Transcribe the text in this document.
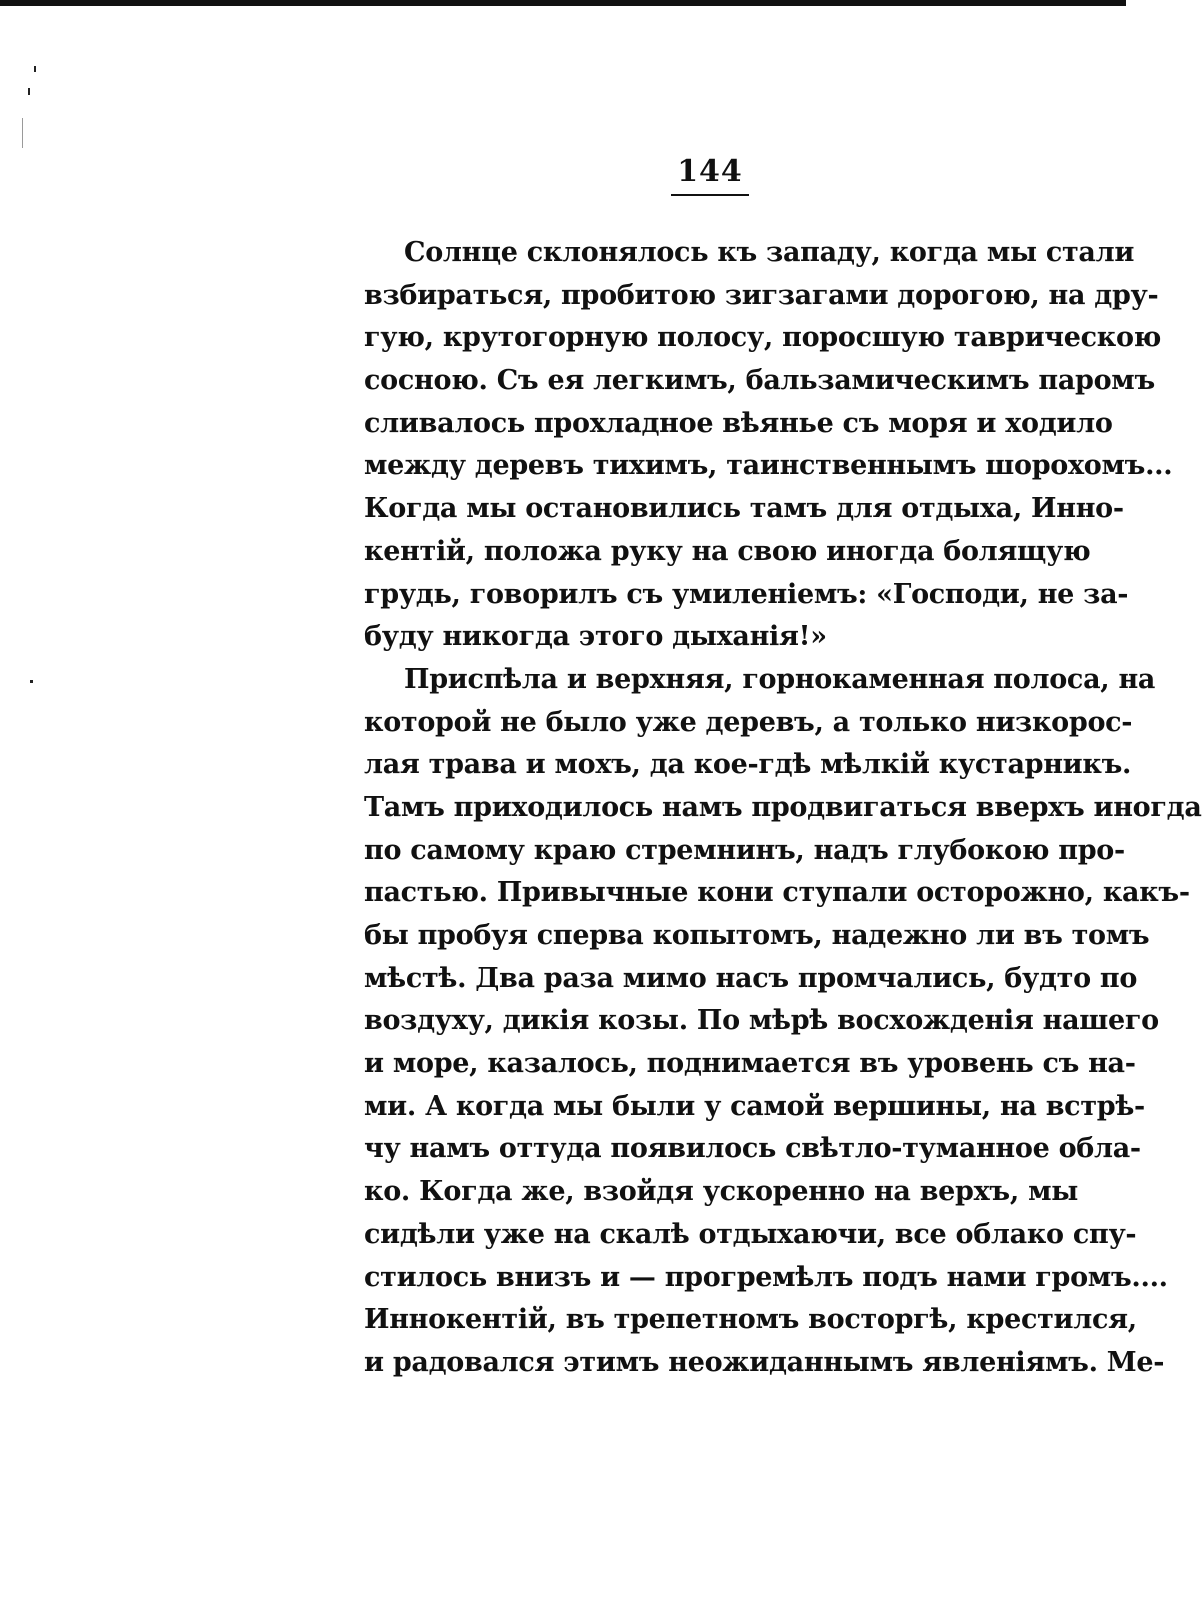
144
Солнце склонялось къ западу, когда мы стали
взбираться, пробитою зигзагами дорогою, на дру-
гую, крутогорную полосу, поросшую таврическою
сосною. Съ ея легкимъ, бальзамическимъ паромъ
сливалось прохладное вѣянье съ моря и ходило
между деревъ тихимъ, таинственнымъ шорохомъ...
Когда мы остановились тамъ для отдыха, Инно-
кентiй, положа руку на свою иногда болящую
грудь, говорилъ съ умиленiемъ: «Господи, не за-
буду никогда этого дыханiя!»
Приспѣла и верхняя, горнокаменная полоса, на
которой не было уже деревъ, а только низкорос-
лая трава и мохъ, да кое-гдѣ мѣлкiй кустарникъ.
Тамъ приходилось намъ продвигаться вверхъ иногда
по самому краю стремнинъ, надъ глубокою про-
пастью. Привычные кони ступали осторожно, какъ-
бы пробуя сперва копытомъ, надежно ли въ томъ
мѣстѣ. Два раза мимо насъ промчались, будто по
воздуху, дикiя козы. По мѣрѣ восхожденiя нашего
и море, казалось, поднимается въ уровень съ на-
ми. А когда мы были у самой вершины, на встрѣ-
чу намъ оттуда появилось свѣтло-туманное обла-
ко. Когда же, взойдя ускоренно на верхъ, мы
сидѣли уже на скалѣ отдыхаючи, все облако спу-
стилось внизъ и — прогремѣлъ подъ нами громъ....
Иннокентiй, въ трепетномъ восторгѣ, крестился,
и радовался этимъ неожиданнымъ явленiямъ. Ме-
